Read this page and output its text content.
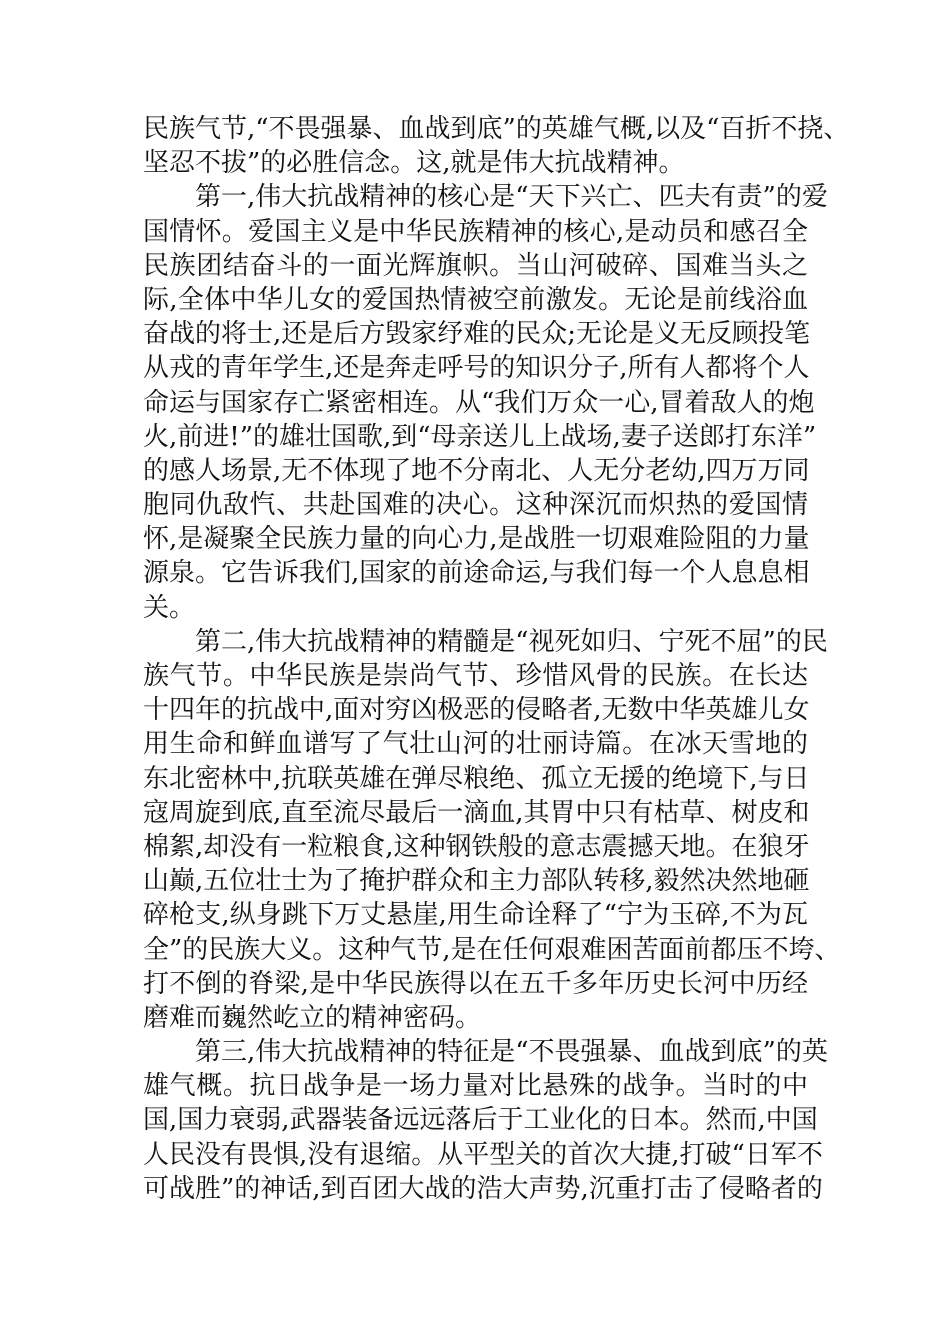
民族气节,“不畏强暴、血战到底”的英雄气概,以及“百折不挠、
坚忍不拔”的必胜信念。这,就是伟大抗战精神。
第一,伟大抗战精神的核心是“天下兴亡、匹夫有责”的爱
国情怀。爱国主义是中华民族精神的核心,是动员和感召全
民族团结奋斗的一面光辉旗帜。当山河破碎、国难当头之
际,全体中华儿女的爱国热情被空前激发。无论是前线浴血
奋战的将士,还是后方毁家纾难的民众;无论是义无反顾投笔
从戎的青年学生,还是奔走呼号的知识分子,所有人都将个人
命运与国家存亡紧密相连。从“我们万众一心,冒着敌人的炮
火,前进!”的雄壮国歌,到“母亲送儿上战场,妻子送郎打东洋”
的感人场景,无不体现了地不分南北、人无分老幼,四万万同
胞同仇敌忾、共赴国难的决心。这种深沉而炽热的爱国情
怀,是凝聚全民族力量的向心力,是战胜一切艰难险阻的力量
源泉。它告诉我们,国家的前途命运,与我们每一个人息息相
关。
第二,伟大抗战精神的精髓是“视死如归、宁死不屈”的民
族气节。中华民族是崇尚气节、珍惜风骨的民族。在长达
十四年的抗战中,面对穷凶极恶的侵略者,无数中华英雄儿女
用生命和鲜血谱写了气壮山河的壮丽诗篇。在冰天雪地的
东北密林中,抗联英雄在弹尽粮绝、孤立无援的绝境下,与日
寇周旋到底,直至流尽最后一滴血,其胃中只有枯草、树皮和
棉絮,却没有一粒粮食,这种钢铁般的意志震撼天地。在狼牙
山巅,五位壮士为了掩护群众和主力部队转移,毅然决然地砸
碎枪支,纵身跳下万丈悬崖,用生命诠释了“宁为玉碎,不为瓦
全”的民族大义。这种气节,是在任何艰难困苦面前都压不垮、
打不倒的脊梁,是中华民族得以在五千多年历史长河中历经
磨难而巍然屹立的精神密码。
第三,伟大抗战精神的特征是“不畏强暴、血战到底”的英
雄气概。抗日战争是一场力量对比悬殊的战争。当时的中
国,国力衰弱,武器装备远远落后于工业化的日本。然而,中国
人民没有畏惧,没有退缩。从平型关的首次大捷,打破“日军不
可战胜”的神话,到百团大战的浩大声势,沉重打击了侵略者的
